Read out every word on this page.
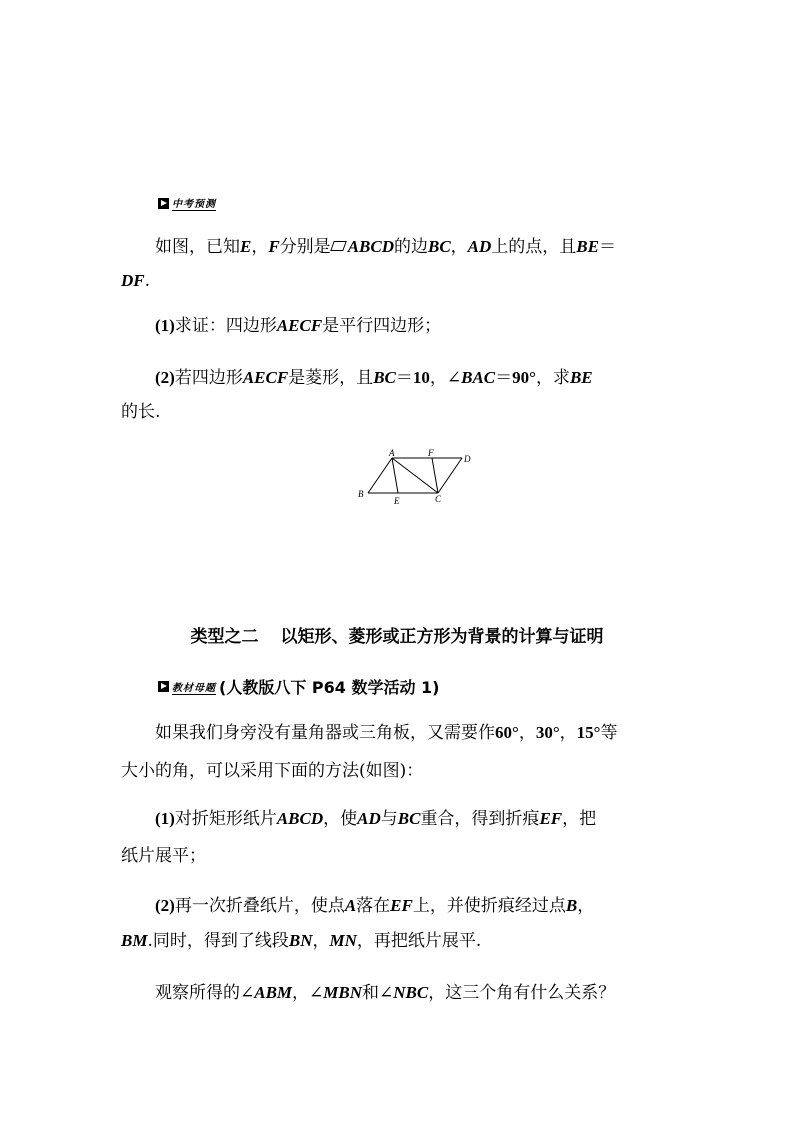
中考预测
如图，已知E，F分别是 ABCD的边BC，AD上的点，且BE＝
DF.
(1)求证：四边形AECF是平行四边形；
(2)若四边形AECF是菱形，且BC＝10，∠BAC＝90°，求BE
的长.
A	F
D
B
E	C
类型之二 以矩形、菱形或正方形为背景的计算与证明
教材母题 (人教版八下 P64 数学活动 1)
如果我们身旁没有量角器或三角板，又需要作60°，30°，15°等
大小的角，可以采用下面的方法(如图)：
(1)对折矩形纸片ABCD，使AD与BC重合，得到折痕EF，把
纸片展平；
(2)再一次折叠纸片，使点A落在EF上，并使折痕经过点B，
BM.同时，得到了线段BN，MN，再把纸片展平.
观察所得的∠ABM，∠MBN和∠NBC，这三个角有什么关系？
